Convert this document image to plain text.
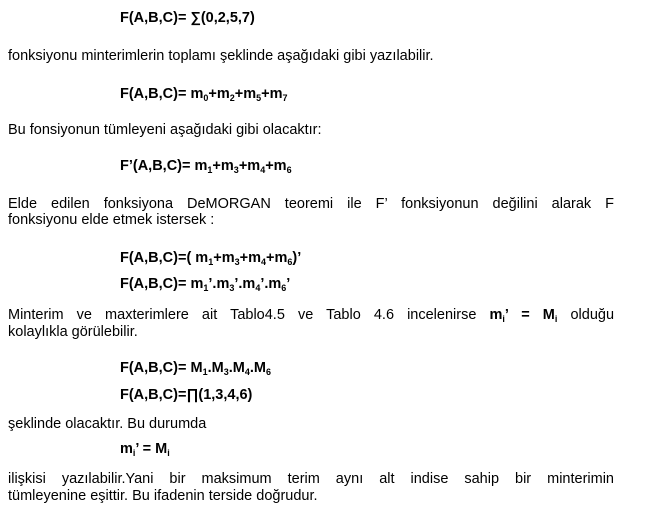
F(A,B,C)= ∑(0,2,5,7)
fonksiyonu minterimlerin toplamı şeklinde aşağıdaki gibi yazılabilir.
$F(A,B,C)= m_0+m_2+m_5+m_7$
Bu fonsiyonun tümleyeni aşağıdaki gibi olacaktır:
F’(A,B,C)= $m_1+m_3+m_4+m_6$
Elde edilen fonksiyona DeMORGAN teoremi ile F’ fonksiyonun değilini alarak F
fonksiyonu elde etmek istersek :
F(A,B,C)=( $m_1+m_3+m_4+m_6$)’
$F(A,B,C)= m_1’.m_3’.m_4’.m_6$’
Minterim ve maxterimlere ait Tablo4.5 ve Tablo 4.6 incelenirse $m_i$’ = $M_i$ olduğu
kolaylıkla görülebilir.
$F(A,B,C)= M_1.M_3.M_4.M_6$
F(A,B,C)=∏(1,3,4,6)
şeklinde olacaktır. Bu durumda
$m_i$’ = $M_i$
ilişkisi yazılabilir.Yani bir maksimum terim aynı alt indise sahip bir minterimin
tümleyenine eşittir. Bu ifadenin terside doğrudur.
